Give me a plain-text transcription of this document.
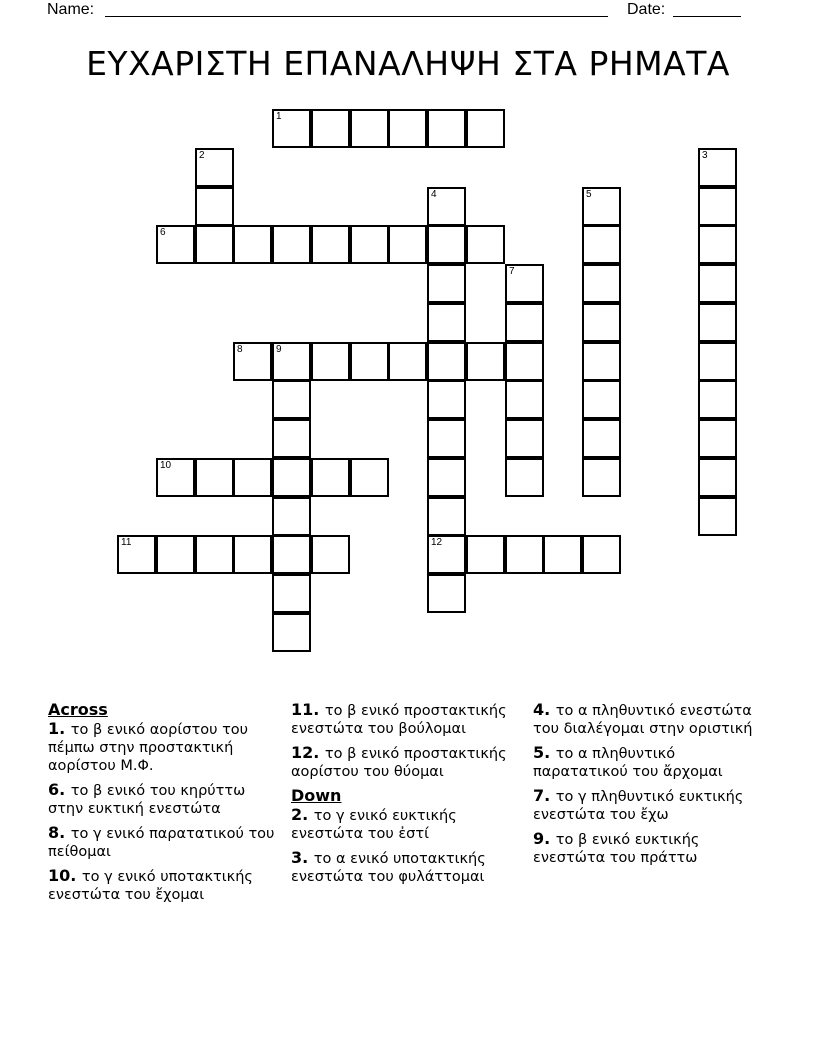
Name:	Date:
ΕΥΧΑΡΙΣΤΗ ΕΠΑΝΑΛΗΨΗ ΣΤΑ ΡΗΜΑΤΑ
1
2	3
4
12
5
6
7
8	9
10
11
Across
1. το β ενικό αορίστου του πέμπω στην προστακτική αορίστου Μ.Φ.
6. το β ενικό του κηρύττω στην ευκτική ενεστώτα
8. το γ ενικό παρατατικού του πείθομαι
10. το γ ενικό υποτακτικής ενεστώτα του ἔχομαι
11. το β ενικό προστακτικής ενεστώτα του βούλομαι
12. το β ενικό προστακτικής αορίστου του θύομαι
Down
2. το γ ενικό ευκτικής ενεστώτα του ἐστί
3. το α ενικό υποτακτικής ενεστώτα του φυλάττομαι
4. το α πληθυντικό ενεστώτα του διαλέγομαι στην οριστική
5. το α πληθυντικό παρατατικού του ἄρχομαι
7. το γ πληθυντικό ευκτικής ενεστώτα του ἔχω
9. το β ενικό ευκτικής ενεστώτα του πράττω
